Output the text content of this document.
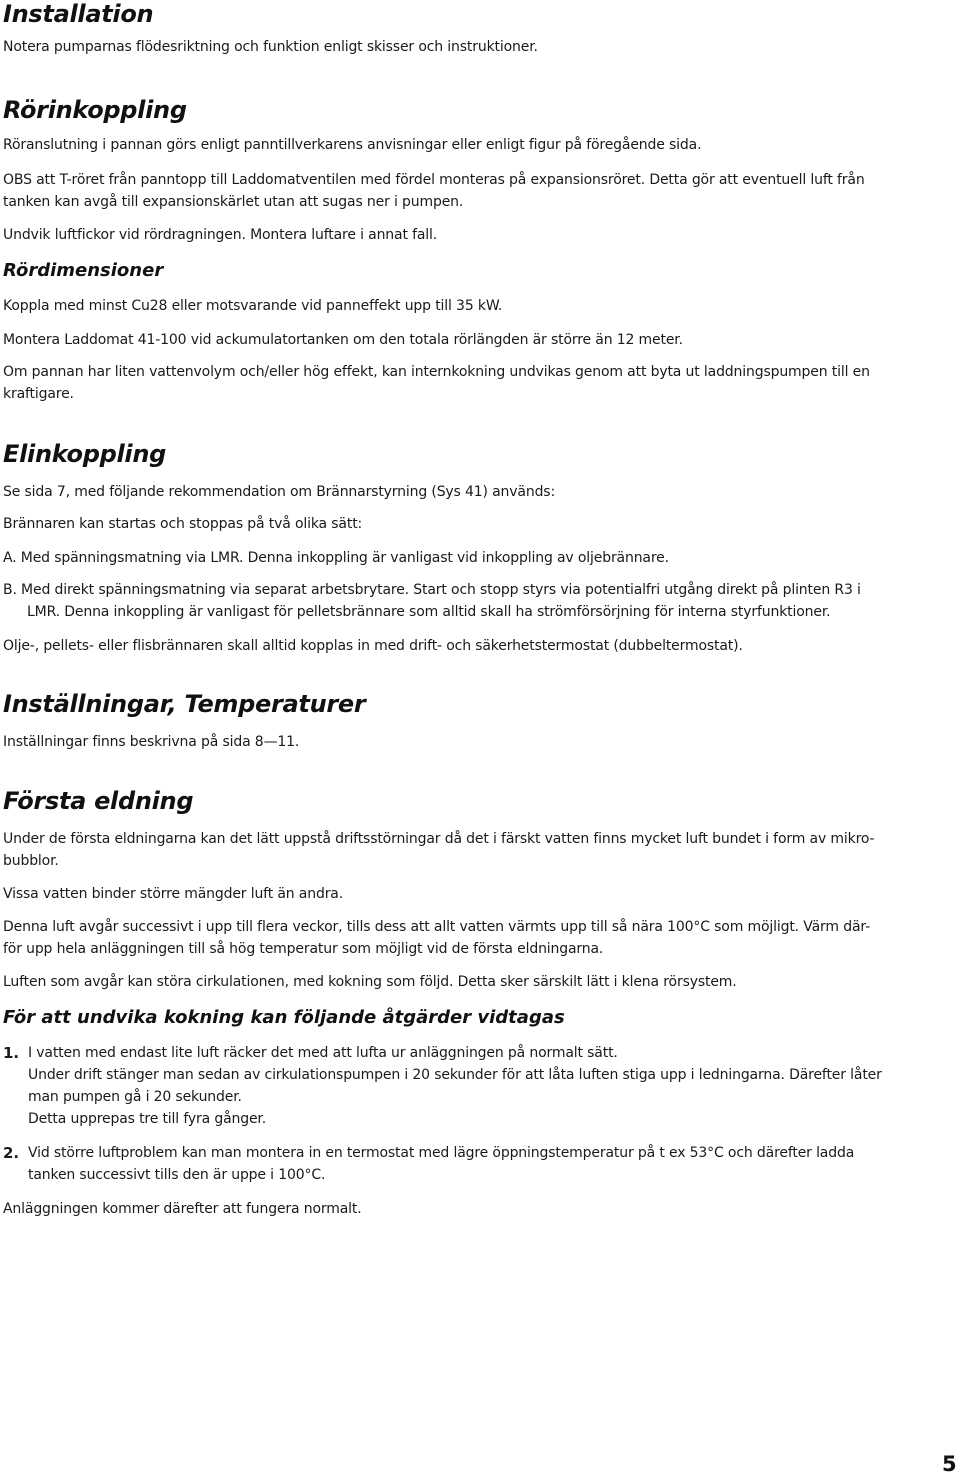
Installation

Notera pumparnas flödesriktning och funktion enligt skisser och instruktioner.

Rörinkoppling

Röranslutning i pannan görs enligt panntillverkarens anvisningar eller enligt figur på föregående sida.

OBS att T-röret från panntopp till Laddomatventilen med fördel monteras på expansionsröret. Detta gör att eventuell luft från

tanken kan avgå till expansionskärlet utan att sugas ner i pumpen.

Undvik luftfickor vid rördragningen. Montera luftare i annat fall.

Rördimensioner

Koppla med minst Cu28 eller motsvarande vid panneffekt upp till 35 kW.

Montera Laddomat 41-100 vid ackumulatortanken om den totala rörlängden är större än 12 meter.

Om pannan har liten vattenvolym och/eller hög effekt, kan internkokning undvikas genom att byta ut laddningspumpen till en

kraftigare.

Elinkoppling

Se sida 7, med följande rekommendation om Brännarstyrning (Sys 41) används:

Brännaren kan startas och stoppas på två olika sätt:

A. Med spänningsmatning via LMR. Denna inkoppling är vanligast vid inkoppling av oljebrännare.

B. Med direkt spänningsmatning via separat arbetsbrytare. Start och stopp styrs via potentialfri utgång direkt på plinten R3 i

LMR. Denna inkoppling är vanligast för pelletsbrännare som alltid skall ha strömförsörjning för interna styrfunktioner.

Olje-, pellets- eller flisbrännaren skall alltid kopplas in med drift- och säkerhetstermostat (dubbeltermostat).

Inställningar, Temperaturer

Inställningar finns beskrivna på sida 8—11.

Första eldning

Under de första eldningarna kan det lätt uppstå driftsstörningar då det i färskt vatten finns mycket luft bundet i form av mikro-

bubblor.

Vissa vatten binder större mängder luft än andra.

Denna luft avgår successivt i upp till flera veckor, tills dess att allt vatten värmts upp till så nära 100°C som möjligt. Värm där-

för upp hela anläggningen till så hög temperatur som möjligt vid de första eldningarna.

Luften som avgår kan störa cirkulationen, med kokning som följd. Detta sker särskilt lätt i klena rörsystem.

För att undvika kokning kan följande åtgärder vidtagas
1. I vatten med endast lite luft räcker det med att lufta ur anläggningen på normalt sätt.

Under drift stänger man sedan av cirkulationspumpen i 20 sekunder för att låta luften stiga upp i ledningarna. Därefter låter

man pumpen gå i 20 sekunder.

Detta upprepas tre till fyra gånger.

2. Vid större luftproblem kan man montera in en termostat med lägre öppningstemperatur på t ex 53°C och därefter ladda

tanken successivt tills den är uppe i 100°C.

Anläggningen kommer därefter att fungera normalt.

5
